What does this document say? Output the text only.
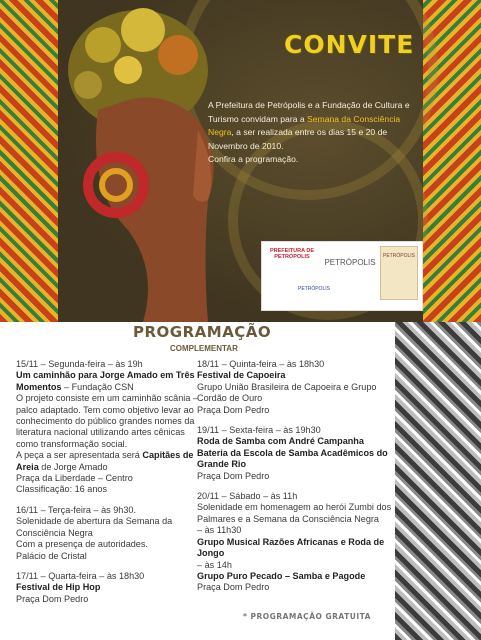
CONVITE
A Prefeitura de Petrópolis e a Fundação de Cultura e Turismo convidam para a Semana da Consciência Negra, a ser realizada entre os dias 15 e 20 de Novembro de 2010.
Confira a programação.
PREFEITURA DE PETRÓPOLIS
PETRÓPOLIS
PETRÓPOLIS
PETRÓPOLIS
PROGRAMAÇÃO
COMPLEMENTAR

15/11 – Segunda-feira – às 19h
Um caminhão para Jorge Amado em Três Momentos – Fundação CSN
O projeto consiste em um caminhão scânia – palco adaptado. Tem como objetivo levar ao conhecimento do público grandes nomes da literatura nacional utilizando artes cênicas como transformação social.
A peça a ser apresentada será Capitães de Areia de Jorge Amado
Praça da Liberdade – Centro
Classificação: 16 anos

16/11 – Terça-feira – às 9h30.
Solenidade de abertura da Semana da Consciência Negra
Com a presença de autoridades.
Palácio de Cristal

17/11 – Quarta-feira – às 18h30
Festival de Hip Hop
Praça Dom Pedro

18/11 – Quinta-feira – às 18h30
Festival de Capoeira
Grupo União Brasileira de Capoeira e Grupo Cordão de Ouro
Praça Dom Pedro

19/11 – Sexta-feira – às 19h30
Roda de Samba com André Campanha Bateria da Escola de Samba Acadêmicos do Grande Rio
Praça Dom Pedro

20/11 – Sábado – às 11h
Solenidade em homenagem ao herói Zumbi dos Palmares e a Semana da Consciência Negra
– às 11h30
Grupo Musical Razões Africanas e Roda de Jongo
– às 14h
Grupo Puro Pecado – Samba e Pagode
Praça Dom Pedro

* PROGRAMAÇÃO GRATUITA
